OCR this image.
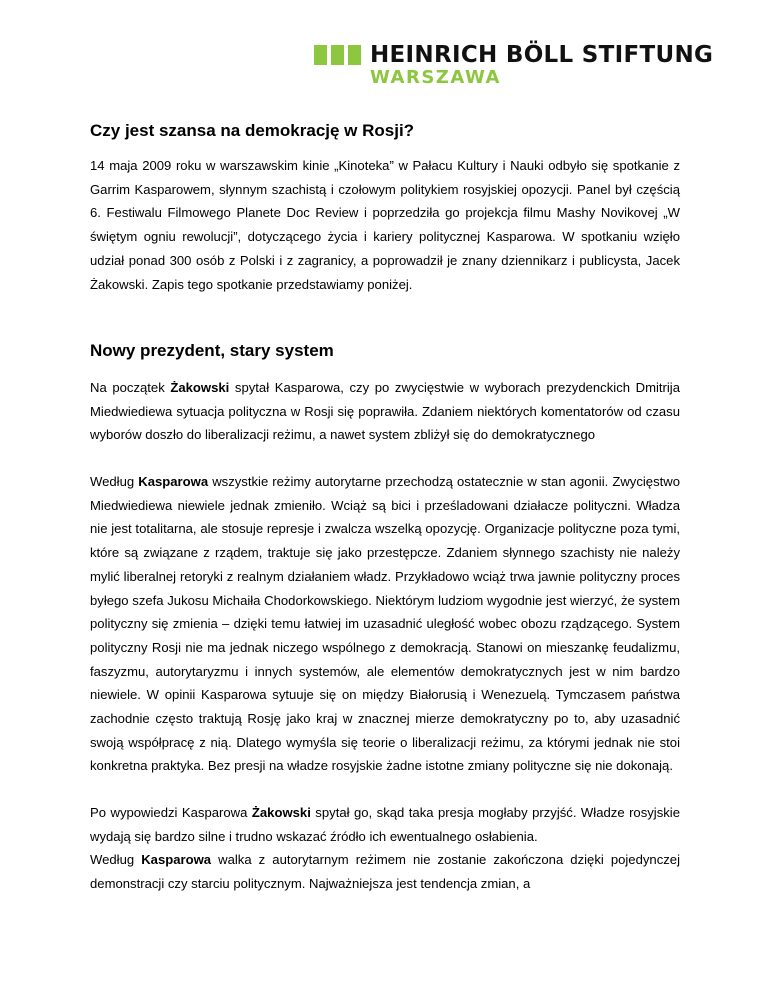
HEINRICH BÖLL STIFTUNG
WARSZAWA
Czy jest szansa na demokrację w Rosji?

14 maja 2009 roku w warszawskim kinie „Kinoteka” w Pałacu Kultury i Nauki odbyło się spotkanie z Garrim Kasparowem, słynnym szachistą i czołowym politykiem rosyjskiej opozycji. Panel był częścią 6. Festiwalu Filmowego Planete Doc Review i poprzedziła go projekcja filmu Mashy Novikovej „W świętym ogniu rewolucji”, dotyczącego życia i kariery politycznej Kasparowa. W spotkaniu wzięło udział ponad 300 osób z Polski i z zagranicy, a poprowadził je znany dziennikarz i publicysta, Jacek Żakowski. Zapis tego spotkanie przedstawiamy poniżej.

Nowy prezydent, stary system

Na początek Żakowski spytał Kasparowa, czy po zwycięstwie w wyborach prezydenckich Dmitrija Miedwiediewa sytuacja polityczna w Rosji się poprawiła. Zdaniem niektórych komentatorów od czasu wyborów doszło do liberalizacji reżimu, a nawet system zbliżył się do demokratycznego

Według Kasparowa wszystkie reżimy autorytarne przechodzą ostatecznie w stan agonii. Zwycięstwo Miedwiediewa niewiele jednak zmieniło. Wciąż są bici i prześladowani działacze polityczni. Władza nie jest totalitarna, ale stosuje represje i zwalcza wszelką opozycję. Organizacje polityczne poza tymi, które są związane z rządem, traktuje się jako przestępcze. Zdaniem słynnego szachisty nie należy mylić liberalnej retoryki z realnym działaniem władz. Przykładowo wciąż trwa jawnie polityczny proces byłego szefa Jukosu Michaiła Chodorkowskiego. Niektórym ludziom wygodnie jest wierzyć, że system polityczny się zmienia – dzięki temu łatwiej im uzasadnić uległość wobec obozu rządzącego. System polityczny Rosji nie ma jednak niczego wspólnego z demokracją. Stanowi on mieszankę feudalizmu, faszyzmu, autorytaryzmu i innych systemów, ale elementów demokratycznych jest w nim bardzo niewiele. W opinii Kasparowa sytuuje się on między Białorusią i Wenezuelą. Tymczasem państwa zachodnie często traktują Rosję jako kraj w znacznej mierze demokratyczny po to, aby uzasadnić swoją współpracę z nią. Dlatego wymyśla się teorie o liberalizacji reżimu, za którymi jednak nie stoi konkretna praktyka. Bez presji na władze rosyjskie żadne istotne zmiany polityczne się nie dokonają.

Po wypowiedzi Kasparowa Żakowski spytał go, skąd taka presja mogłaby przyjść. Władze rosyjskie wydają się bardzo silne i trudno wskazać źródło ich ewentualnego osłabienia.

Według Kasparowa walka z autorytarnym reżimem nie zostanie zakończona dzięki pojedynczej demonstracji czy starciu politycznym. Najważniejsza jest tendencja zmian, a
